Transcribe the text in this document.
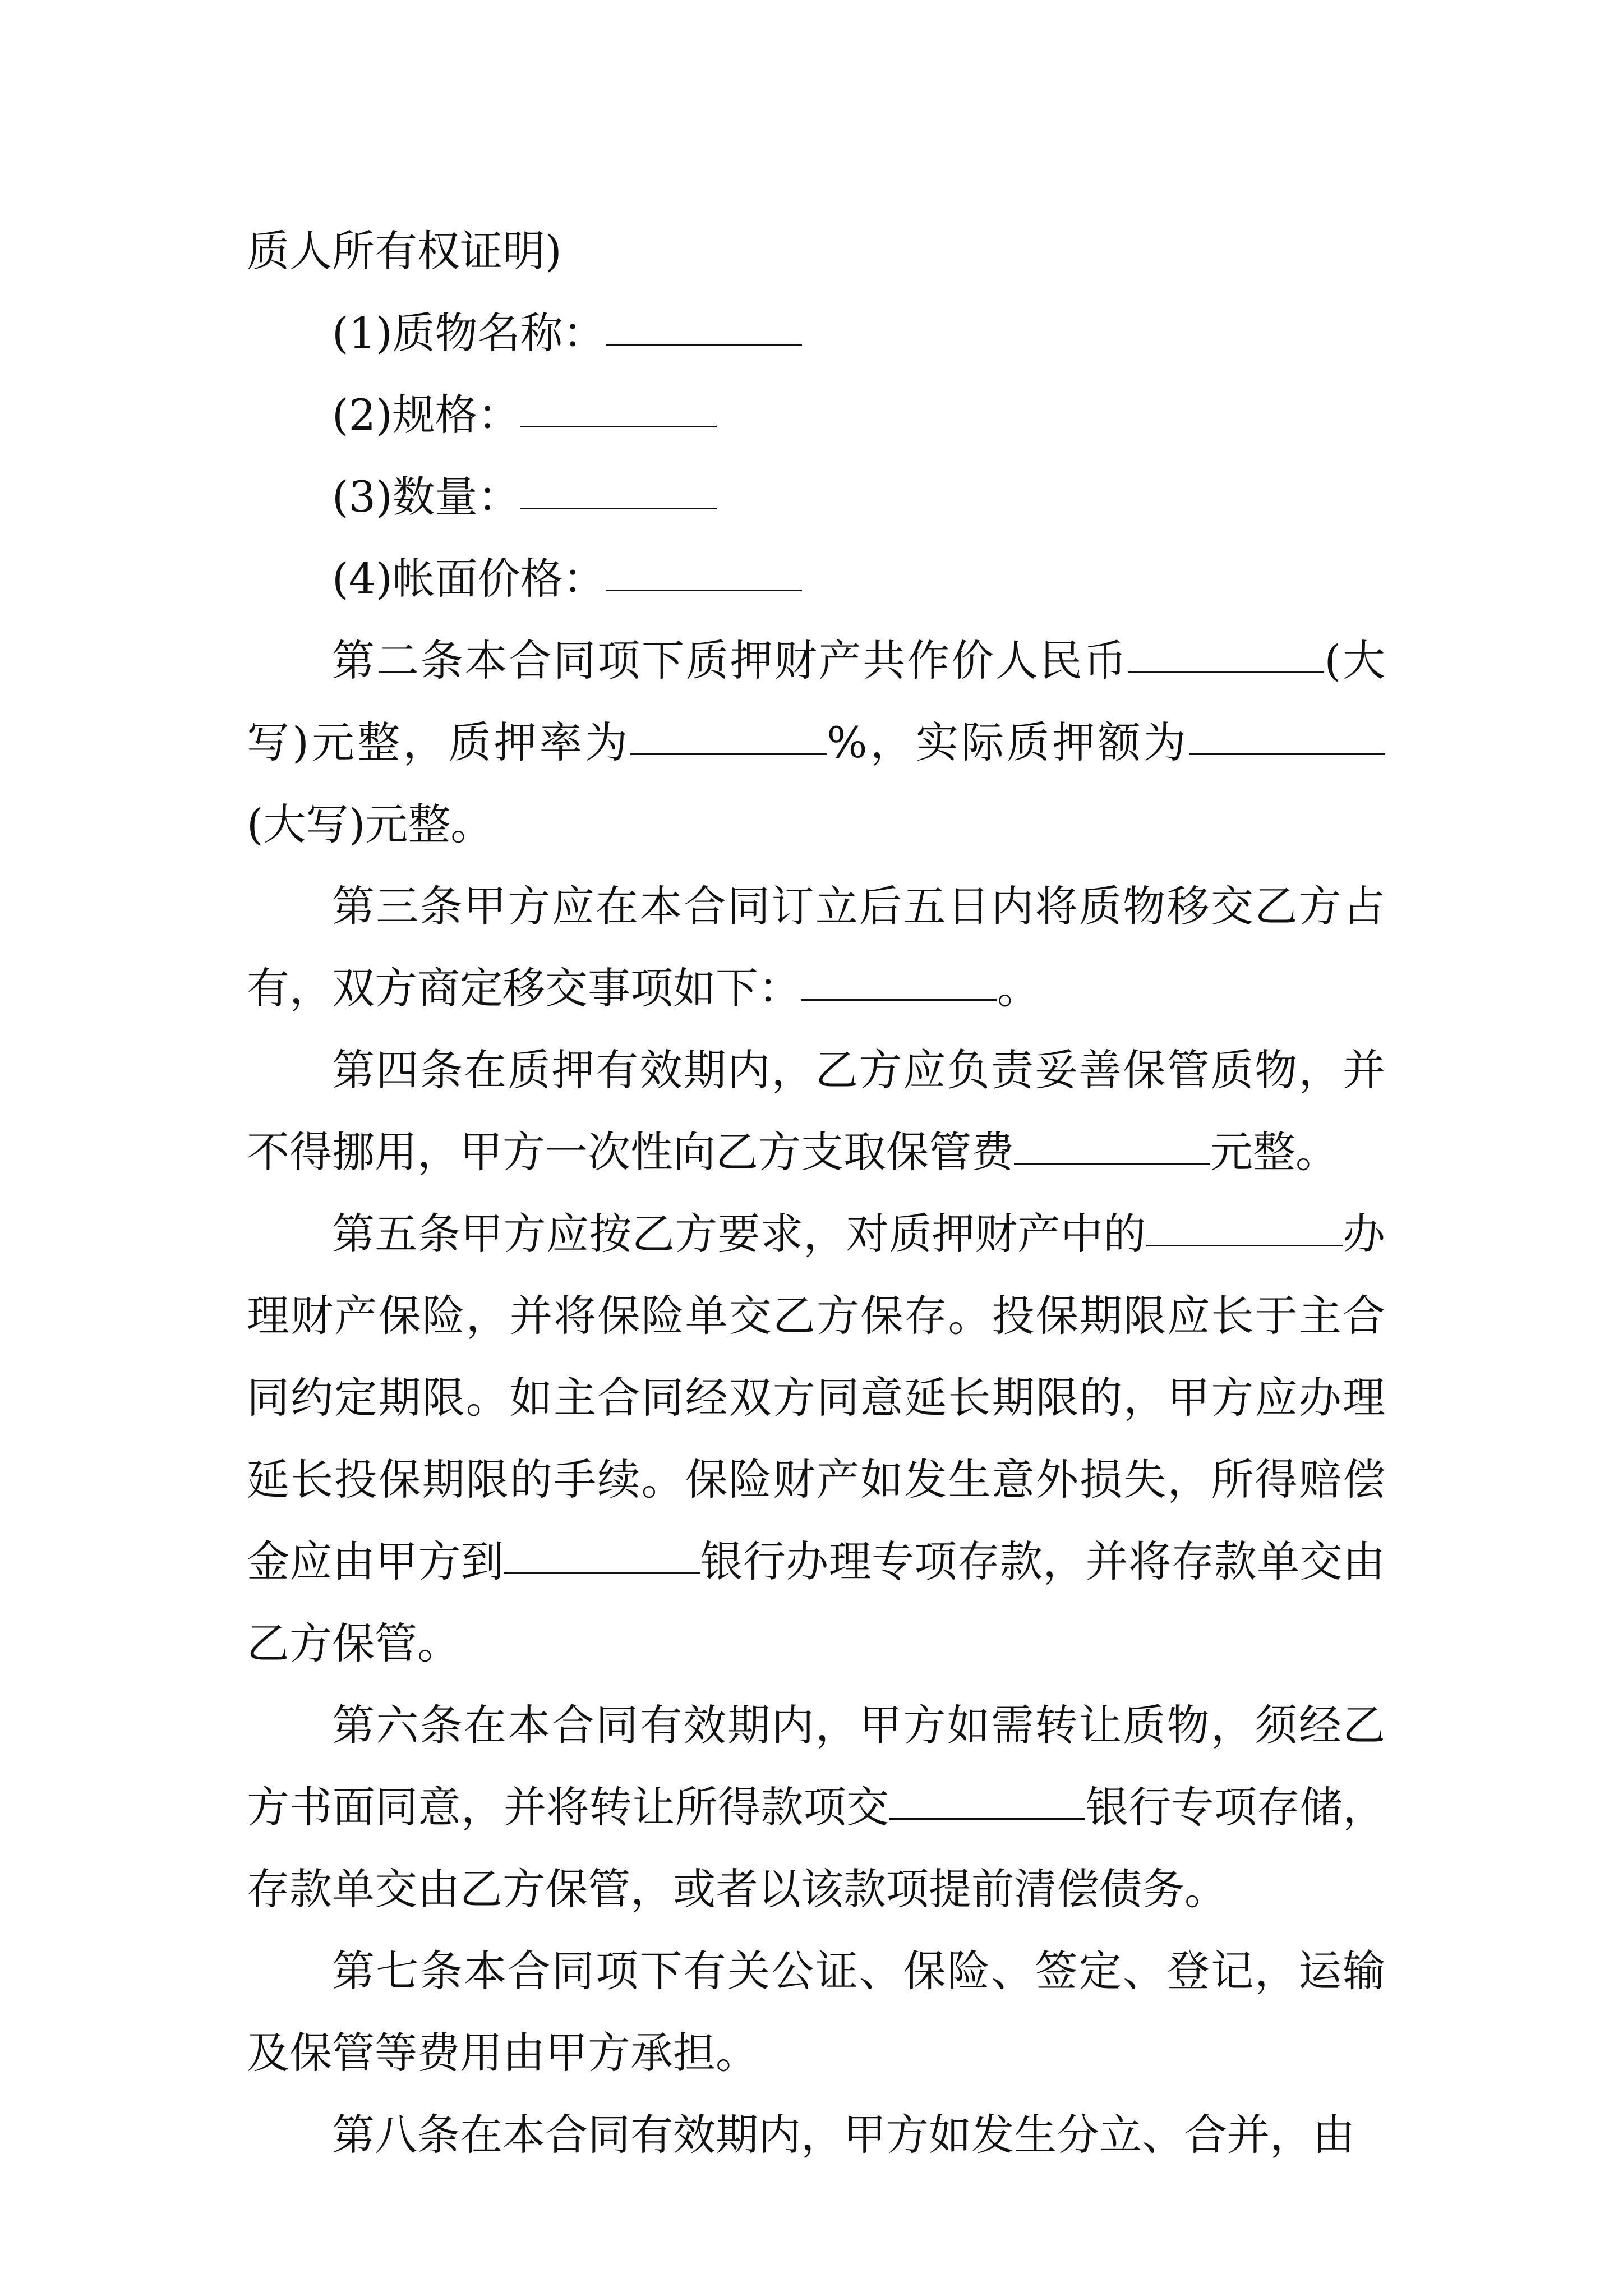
质人所有权证明)

(1)质物名称：

(2)规格：

(3)数量：

(4)帐面价格：

第二条本合同项下质押财产共作价人民币	(大写)元整，质押率为	%，实际质押额为(大写)元整。

第三条甲方应在本合同订立后五日内将质物移交乙方占有，双方商定移交事项如下：	。

第四条在质押有效期内，乙方应负责妥善保管质物，并不得挪用，甲方一次性向乙方支取保管费	元整。

第五条甲方应按乙方要求，对质押财产中的	办理财产保险，并将保险单交乙方保存。投保期限应长于主合同约定期限。如主合同经双方同意延长期限的，甲方应办理延长投保期限的手续。保险财产如发生意外损失，所得赔偿金应由甲方到	银行办理专项存款，并将存款单交由乙方保管。

第六条在本合同有效期内，甲方如需转让质物，须经乙方书面同意，并将转让所得款项交	银行专项存储，存款单交由乙方保管，或者以该款项提前清偿债务。

第七条本合同项下有关公证、保险、签定、登记，运输及保管等费用由甲方承担。

第八条在本合同有效期内，甲方如发生分立、合并，由
